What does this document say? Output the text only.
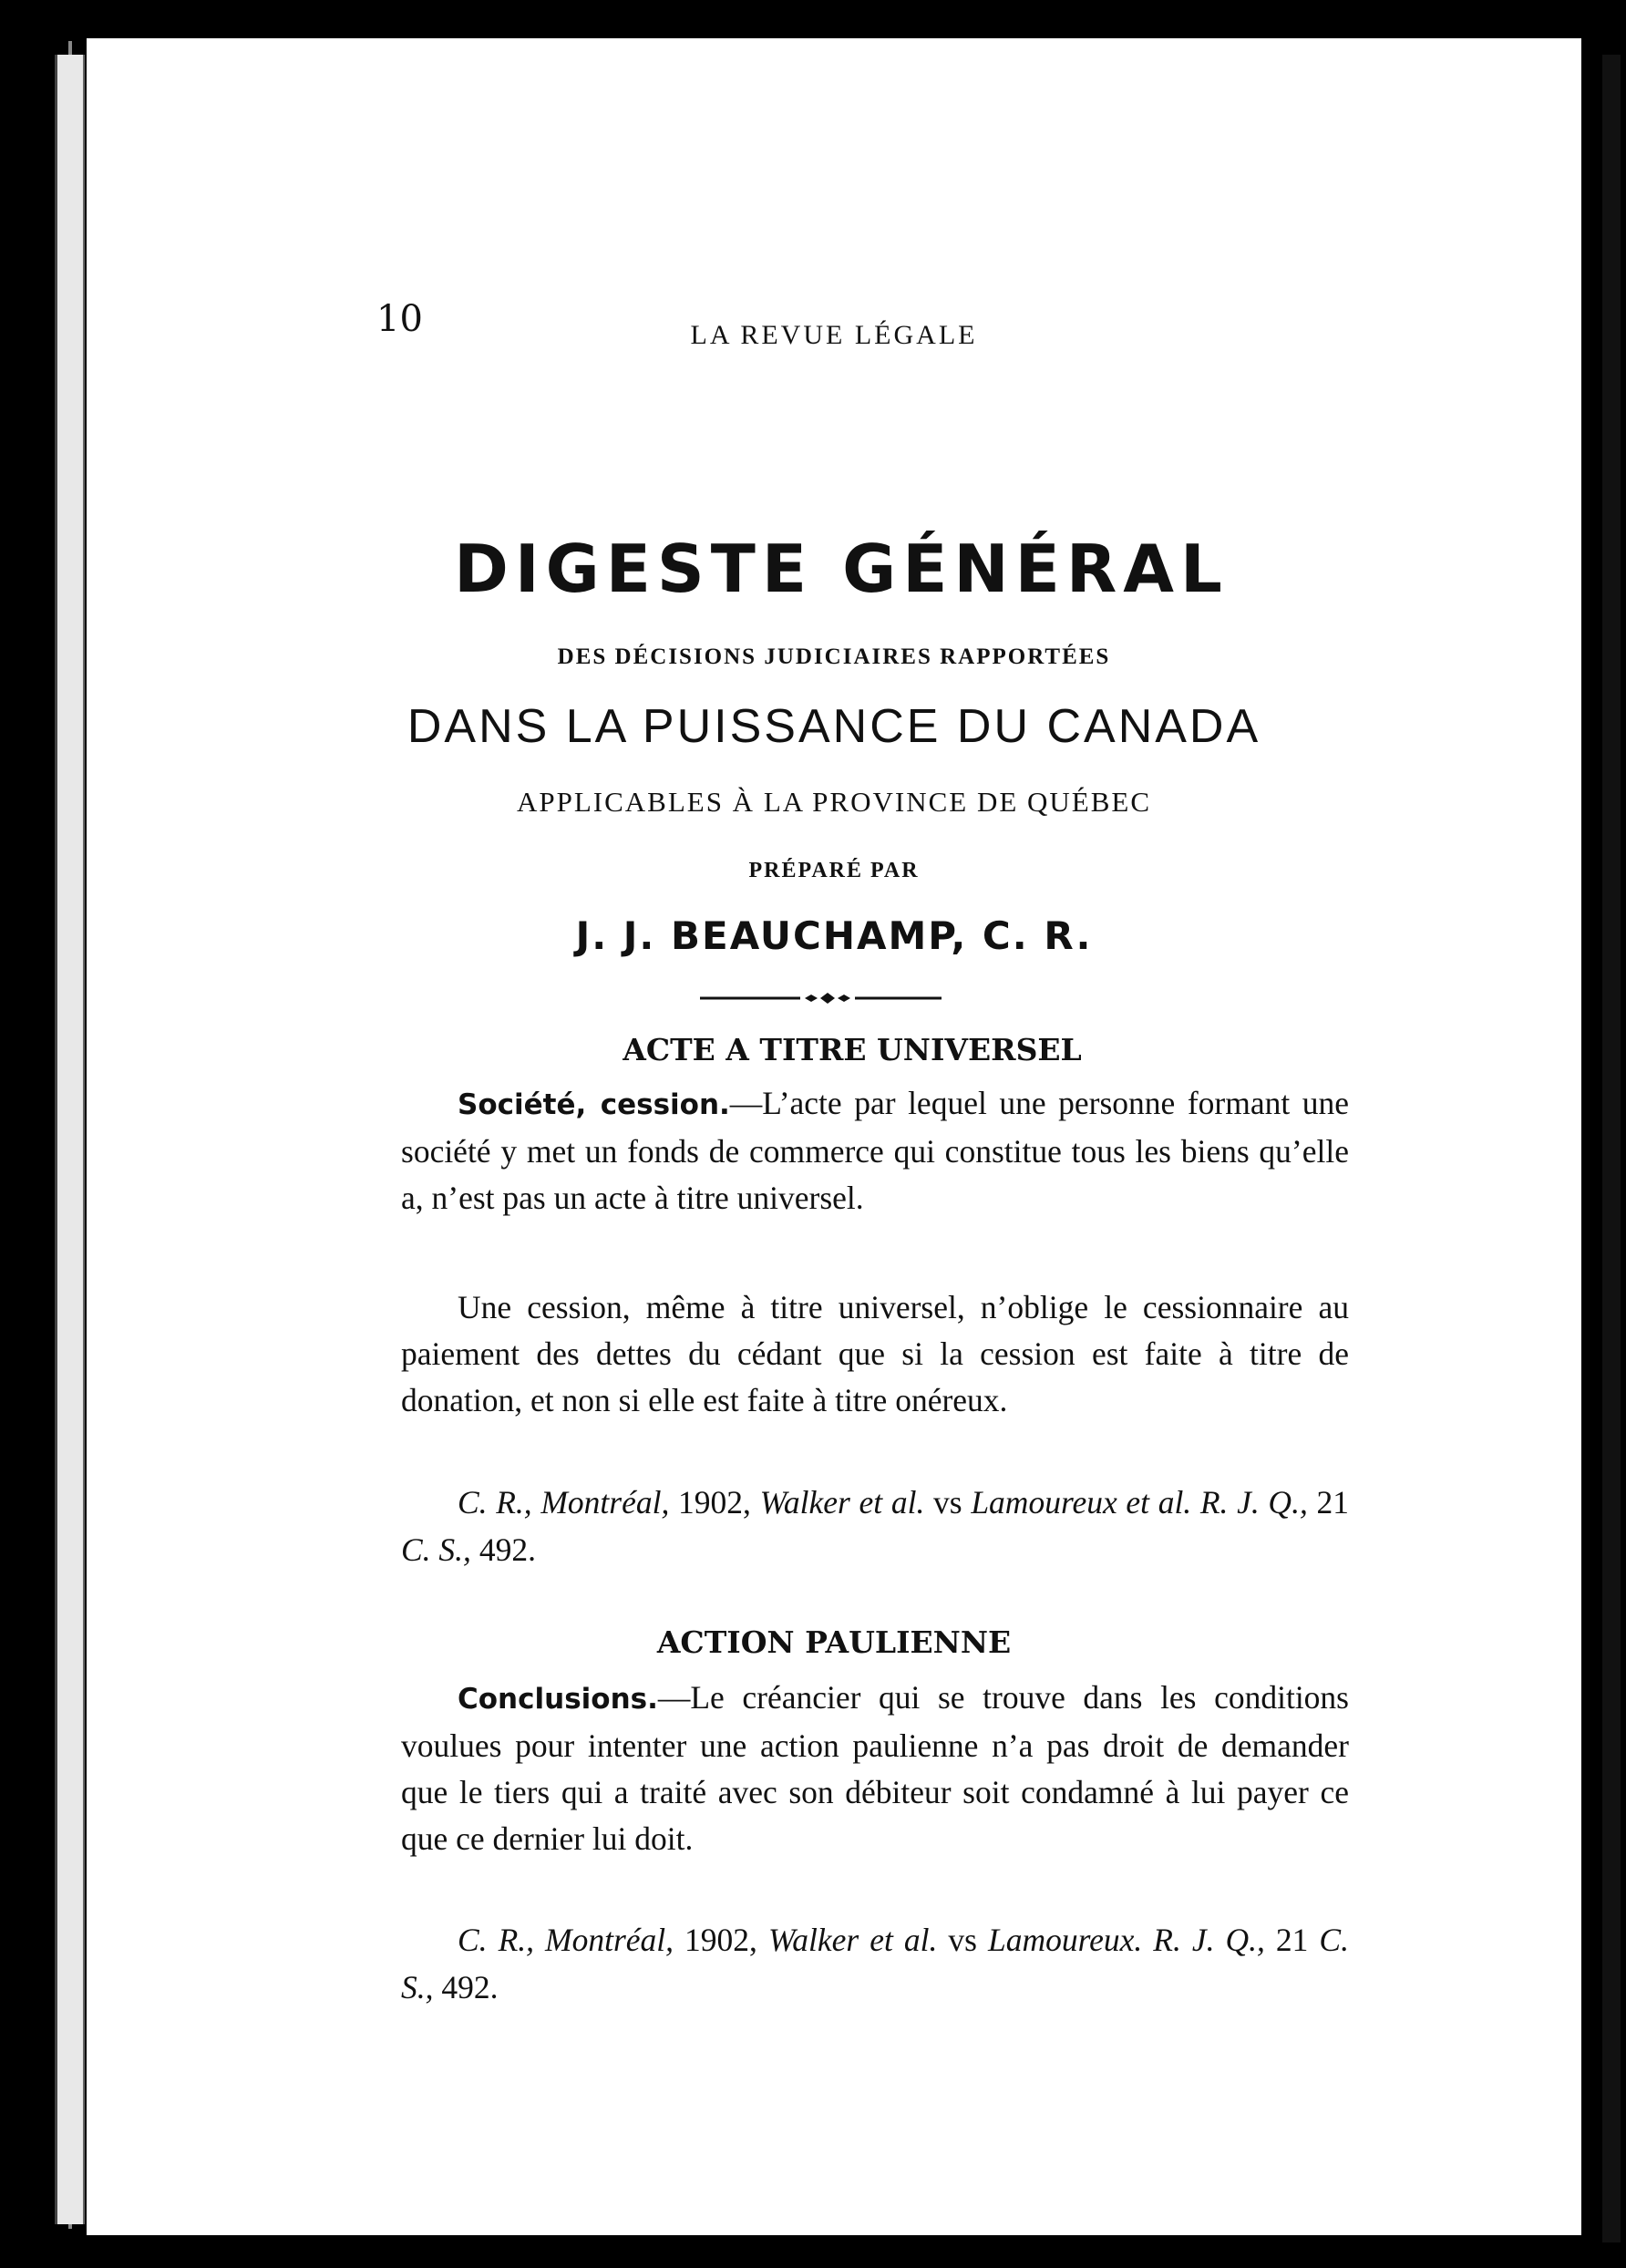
10	LA REVUE LÉGALE
DIGESTE GÉNÉRAL
DES DÉCISIONS JUDICIAIRES RAPPORTÉES
DANS LA PUISSANCE DU CANADA
APPLICABLES À LA PROVINCE DE QUÉBEC
PRÉPARÉ PAR
J. J. BEAUCHAMP, C. R.
ACTE A TITRE UNIVERSEL

Société, cession.—L’acte par lequel une personne formant une société y met un fonds de commerce qui constitue tous les biens qu’elle a, n’est pas un acte à titre universel.

Une cession, même à titre universel, n’oblige le cessionnaire au paiement des dettes du cédant que si la cession est faite à titre de donation, et non si elle est faite à titre onéreux.

C. R., Montréal, 1902, Walker et al. vs Lamoureux et al. R. J. Q., 21 C. S., 492.

ACTION PAULIENNE

Conclusions.—Le créancier qui se trouve dans les conditions voulues pour intenter une action paulienne n’a pas droit de demander que le tiers qui a traité avec son débiteur soit condamné à lui payer ce que ce dernier lui doit.

C. R., Montréal, 1902, Walker et al. vs Lamoureux. R. J. Q., 21 C. S., 492.
